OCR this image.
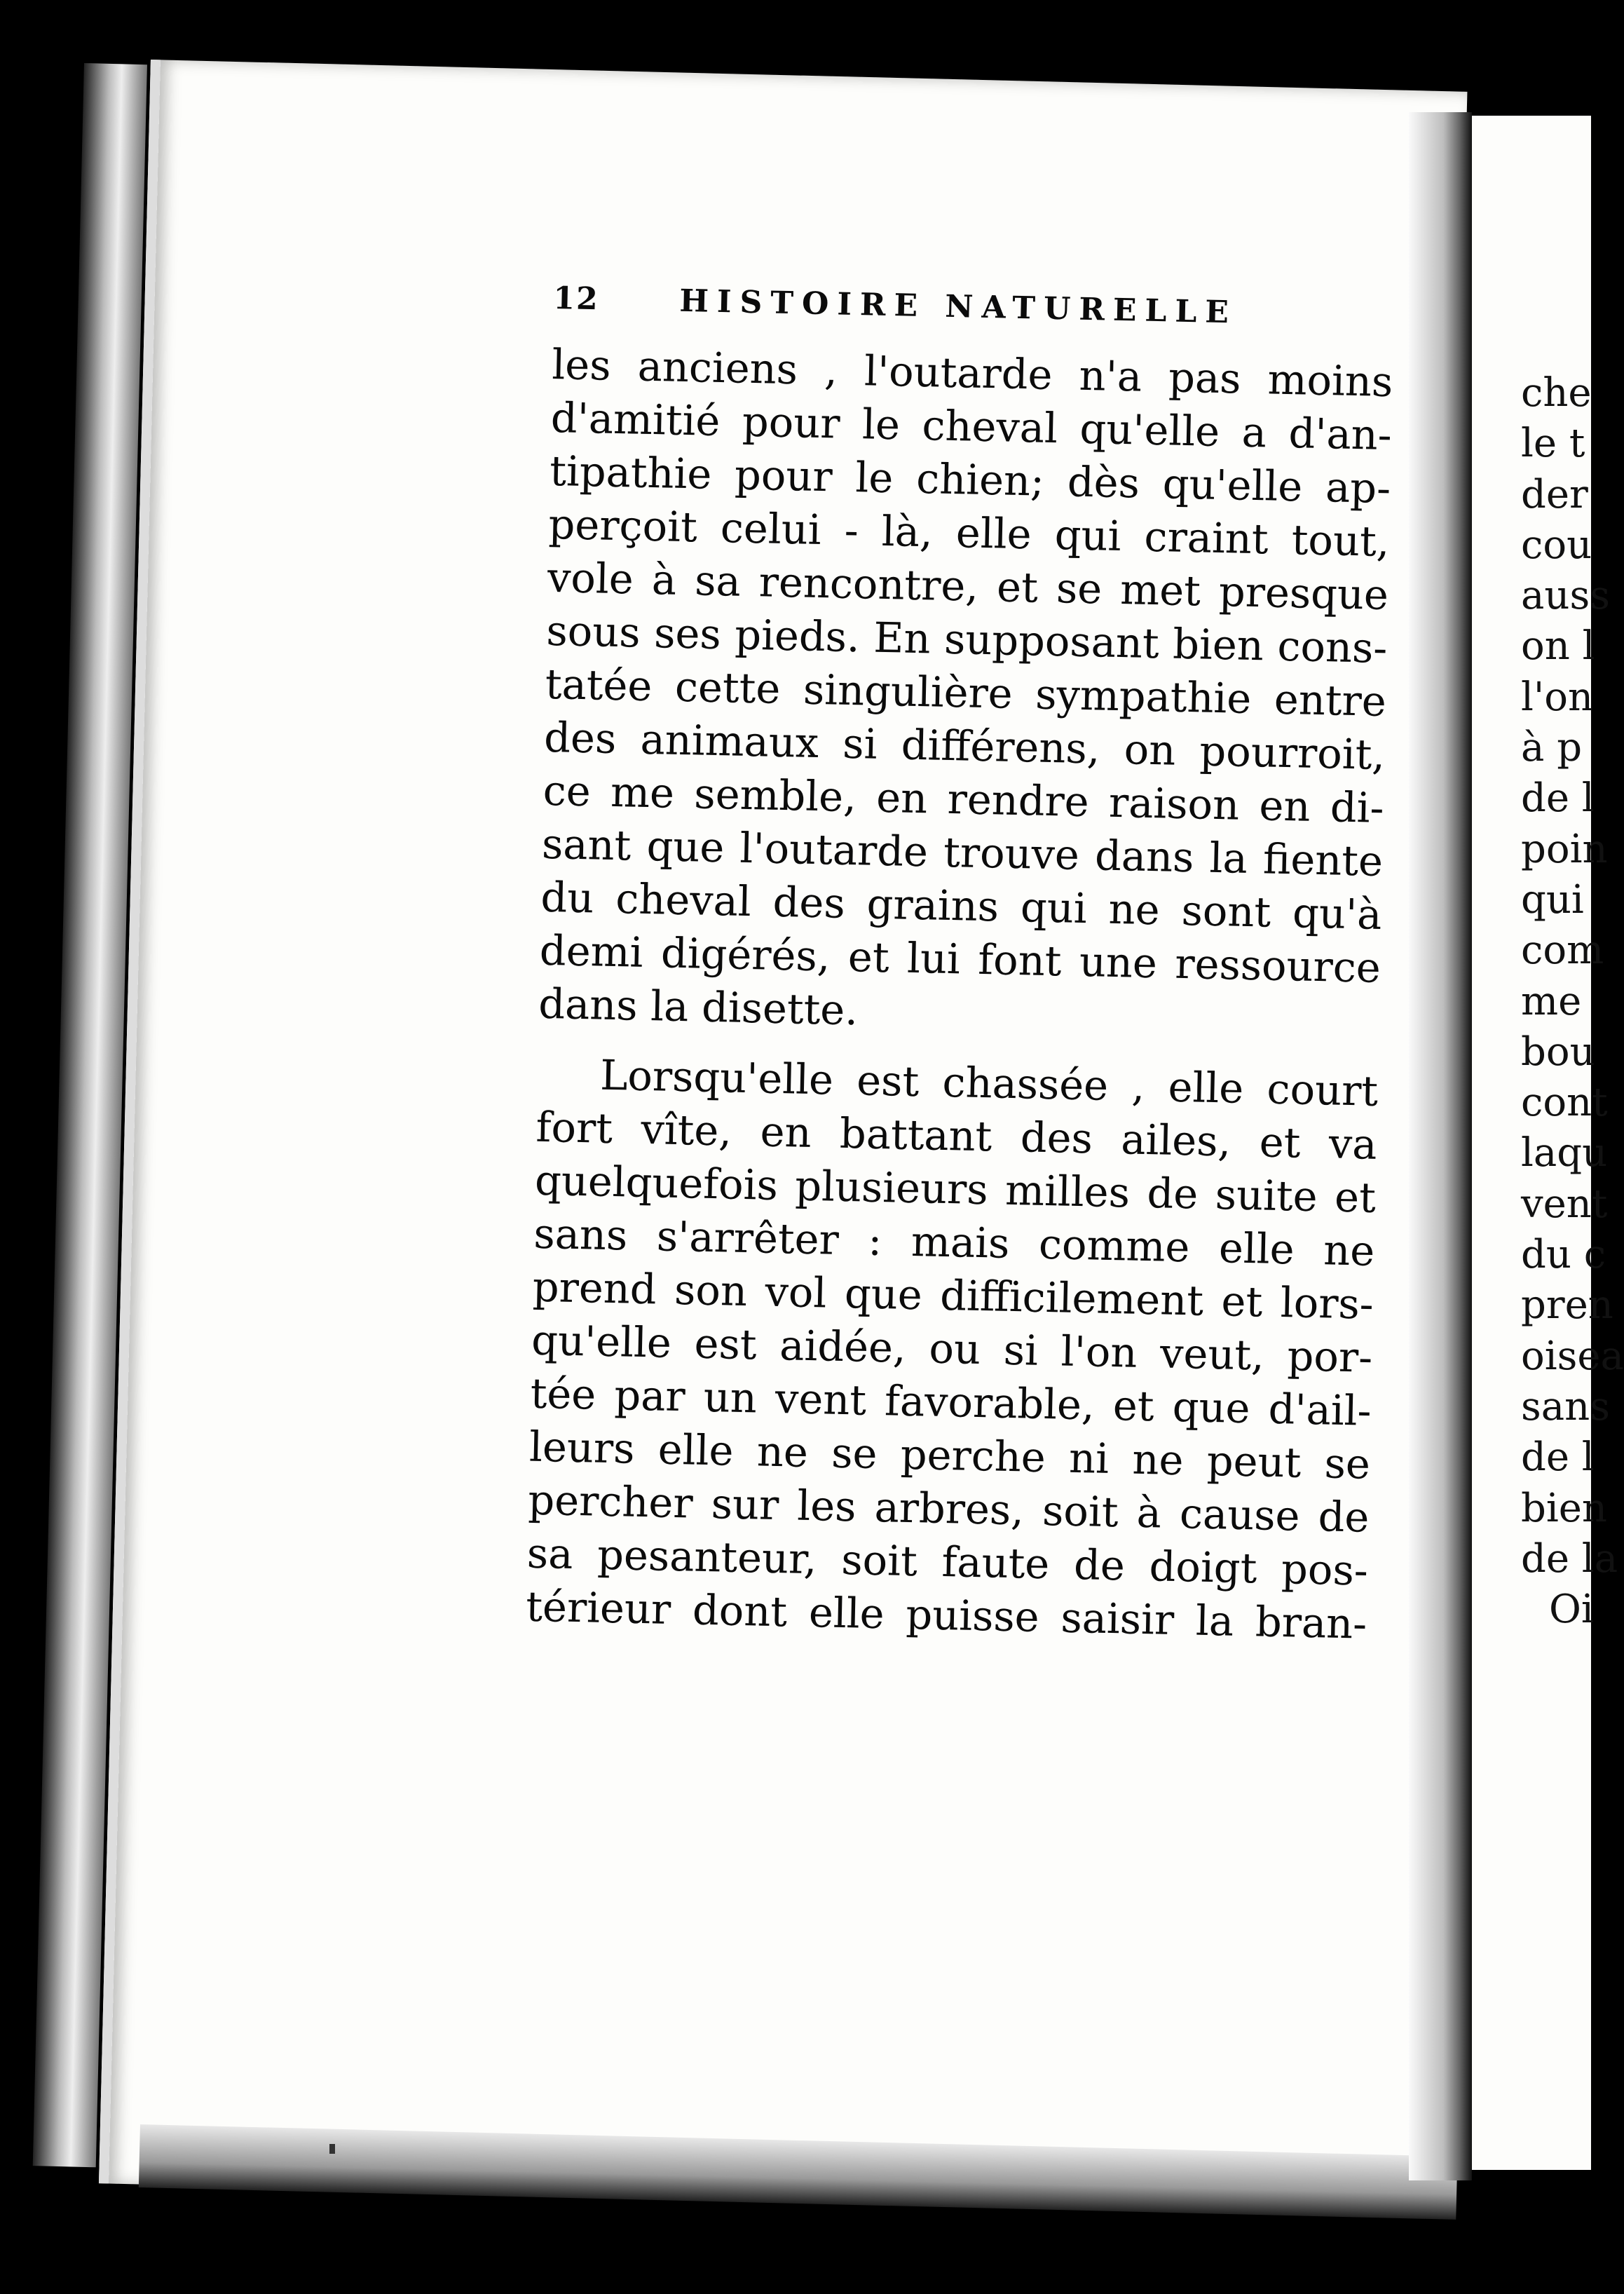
che
le t
der
cou
auss
on l
l'on
à p
de l
poin
qui
com
me
bou
cont
laqu
vent
du c
pren
oisea
sans
de l
bien
de la
Oi
12	HISTOIRE NATURELLE
les anciens , l'outarde n'a pas moins
d'amitié pour le cheval qu'elle a d'an-
tipathie pour le chien; dès qu'elle ap-
perçoit celui - là, elle qui craint tout,
vole à sa rencontre, et se met presque
sous ses pieds. En supposant bien cons-
tatée cette singulière sympathie entre
des animaux si différens, on pourroit,
ce me semble, en rendre raison en di-
sant que l'outarde trouve dans la fiente
du cheval des grains qui ne sont qu'à
demi digérés, et lui font une ressource
dans la disette.
Lorsqu'elle est chassée , elle court
fort vîte, en battant des ailes, et va
quelquefois plusieurs milles de suite et
sans s'arrêter : mais comme elle ne
prend son vol que difficilement et lors-
qu'elle est aidée, ou si l'on veut, por-
tée par un vent favorable, et que d'ail-
leurs elle ne se perche ni ne peut se
percher sur les arbres, soit à cause de
sa pesanteur, soit faute de doigt pos-
térieur dont elle puisse saisir la bran-
